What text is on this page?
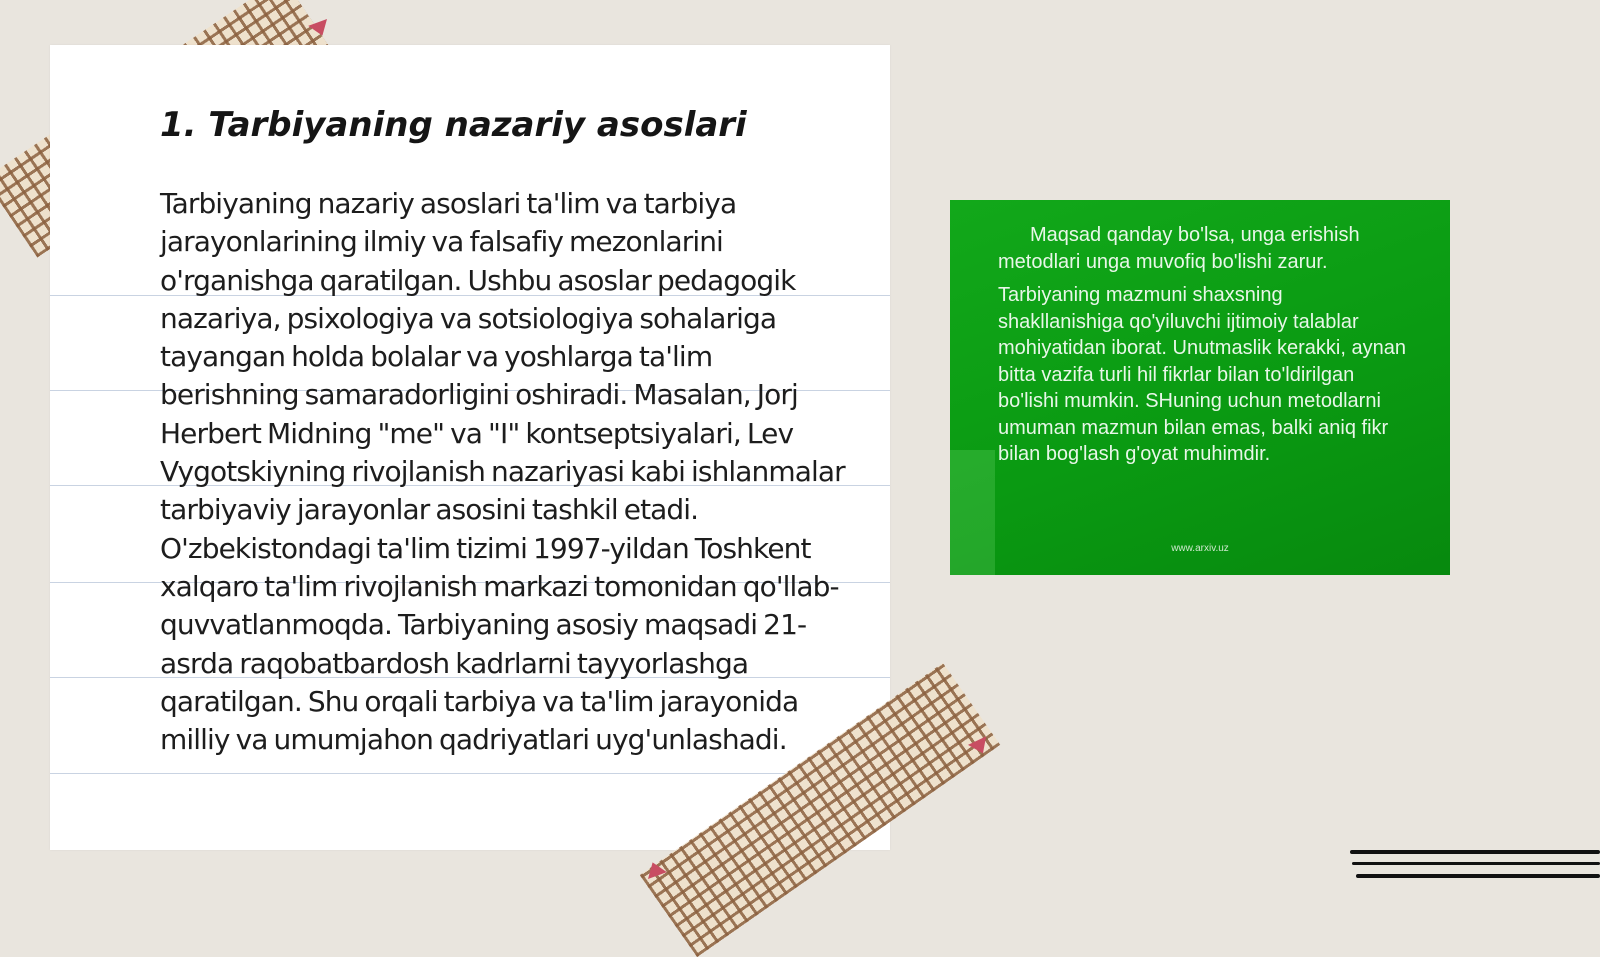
1. Tarbiyaning nazariy asoslari

Tarbiyaning nazariy asoslari ta'lim va tarbiya jarayonlarining ilmiy va falsafiy mezonlarini o'rganishga qaratilgan. Ushbu asoslar pedagogik nazariya, psixologiya va sotsiologiya sohalariga tayangan holda bolalar va yoshlarga ta'lim berishning samaradorligini oshiradi. Masalan, Jorj Herbert Midning "me" va "I" kontseptsiyalari, Lev Vygotskiyning rivojlanish nazariyasi kabi ishlanmalar tarbiyaviy jarayonlar asosini tashkil etadi. O'zbekistondagi ta'lim tizimi 1997-yildan Toshkent xalqaro ta'lim rivojlanish markazi tomonidan qo'llab-quvvatlanmoqda. Tarbiyaning asosiy maqsadi 21-asrda raqobatbardosh kadrlarni tayyorlashga qaratilgan. Shu orqali tarbiya va ta'lim jarayonida milliy va umumjahon qadriyatlari uyg'unlashadi.

Maqsad qanday bo'lsa, unga erishish metodlari unga muvofiq bo'lishi zarur.

Tarbiyaning mazmuni shaxsning shakllanishiga qo'yiluvchi ijtimoiy talablar mohiyatidan iborat. Unutmaslik kerakki, aynan bitta vazifa turli hil fikrlar bilan to'ldirilgan bo'lishi mumkin. SHuning uchun metodlarni umuman mazmun bilan emas, balki aniq fikr bilan bog'lash g'oyat muhimdir.

www.arxiv.uz
